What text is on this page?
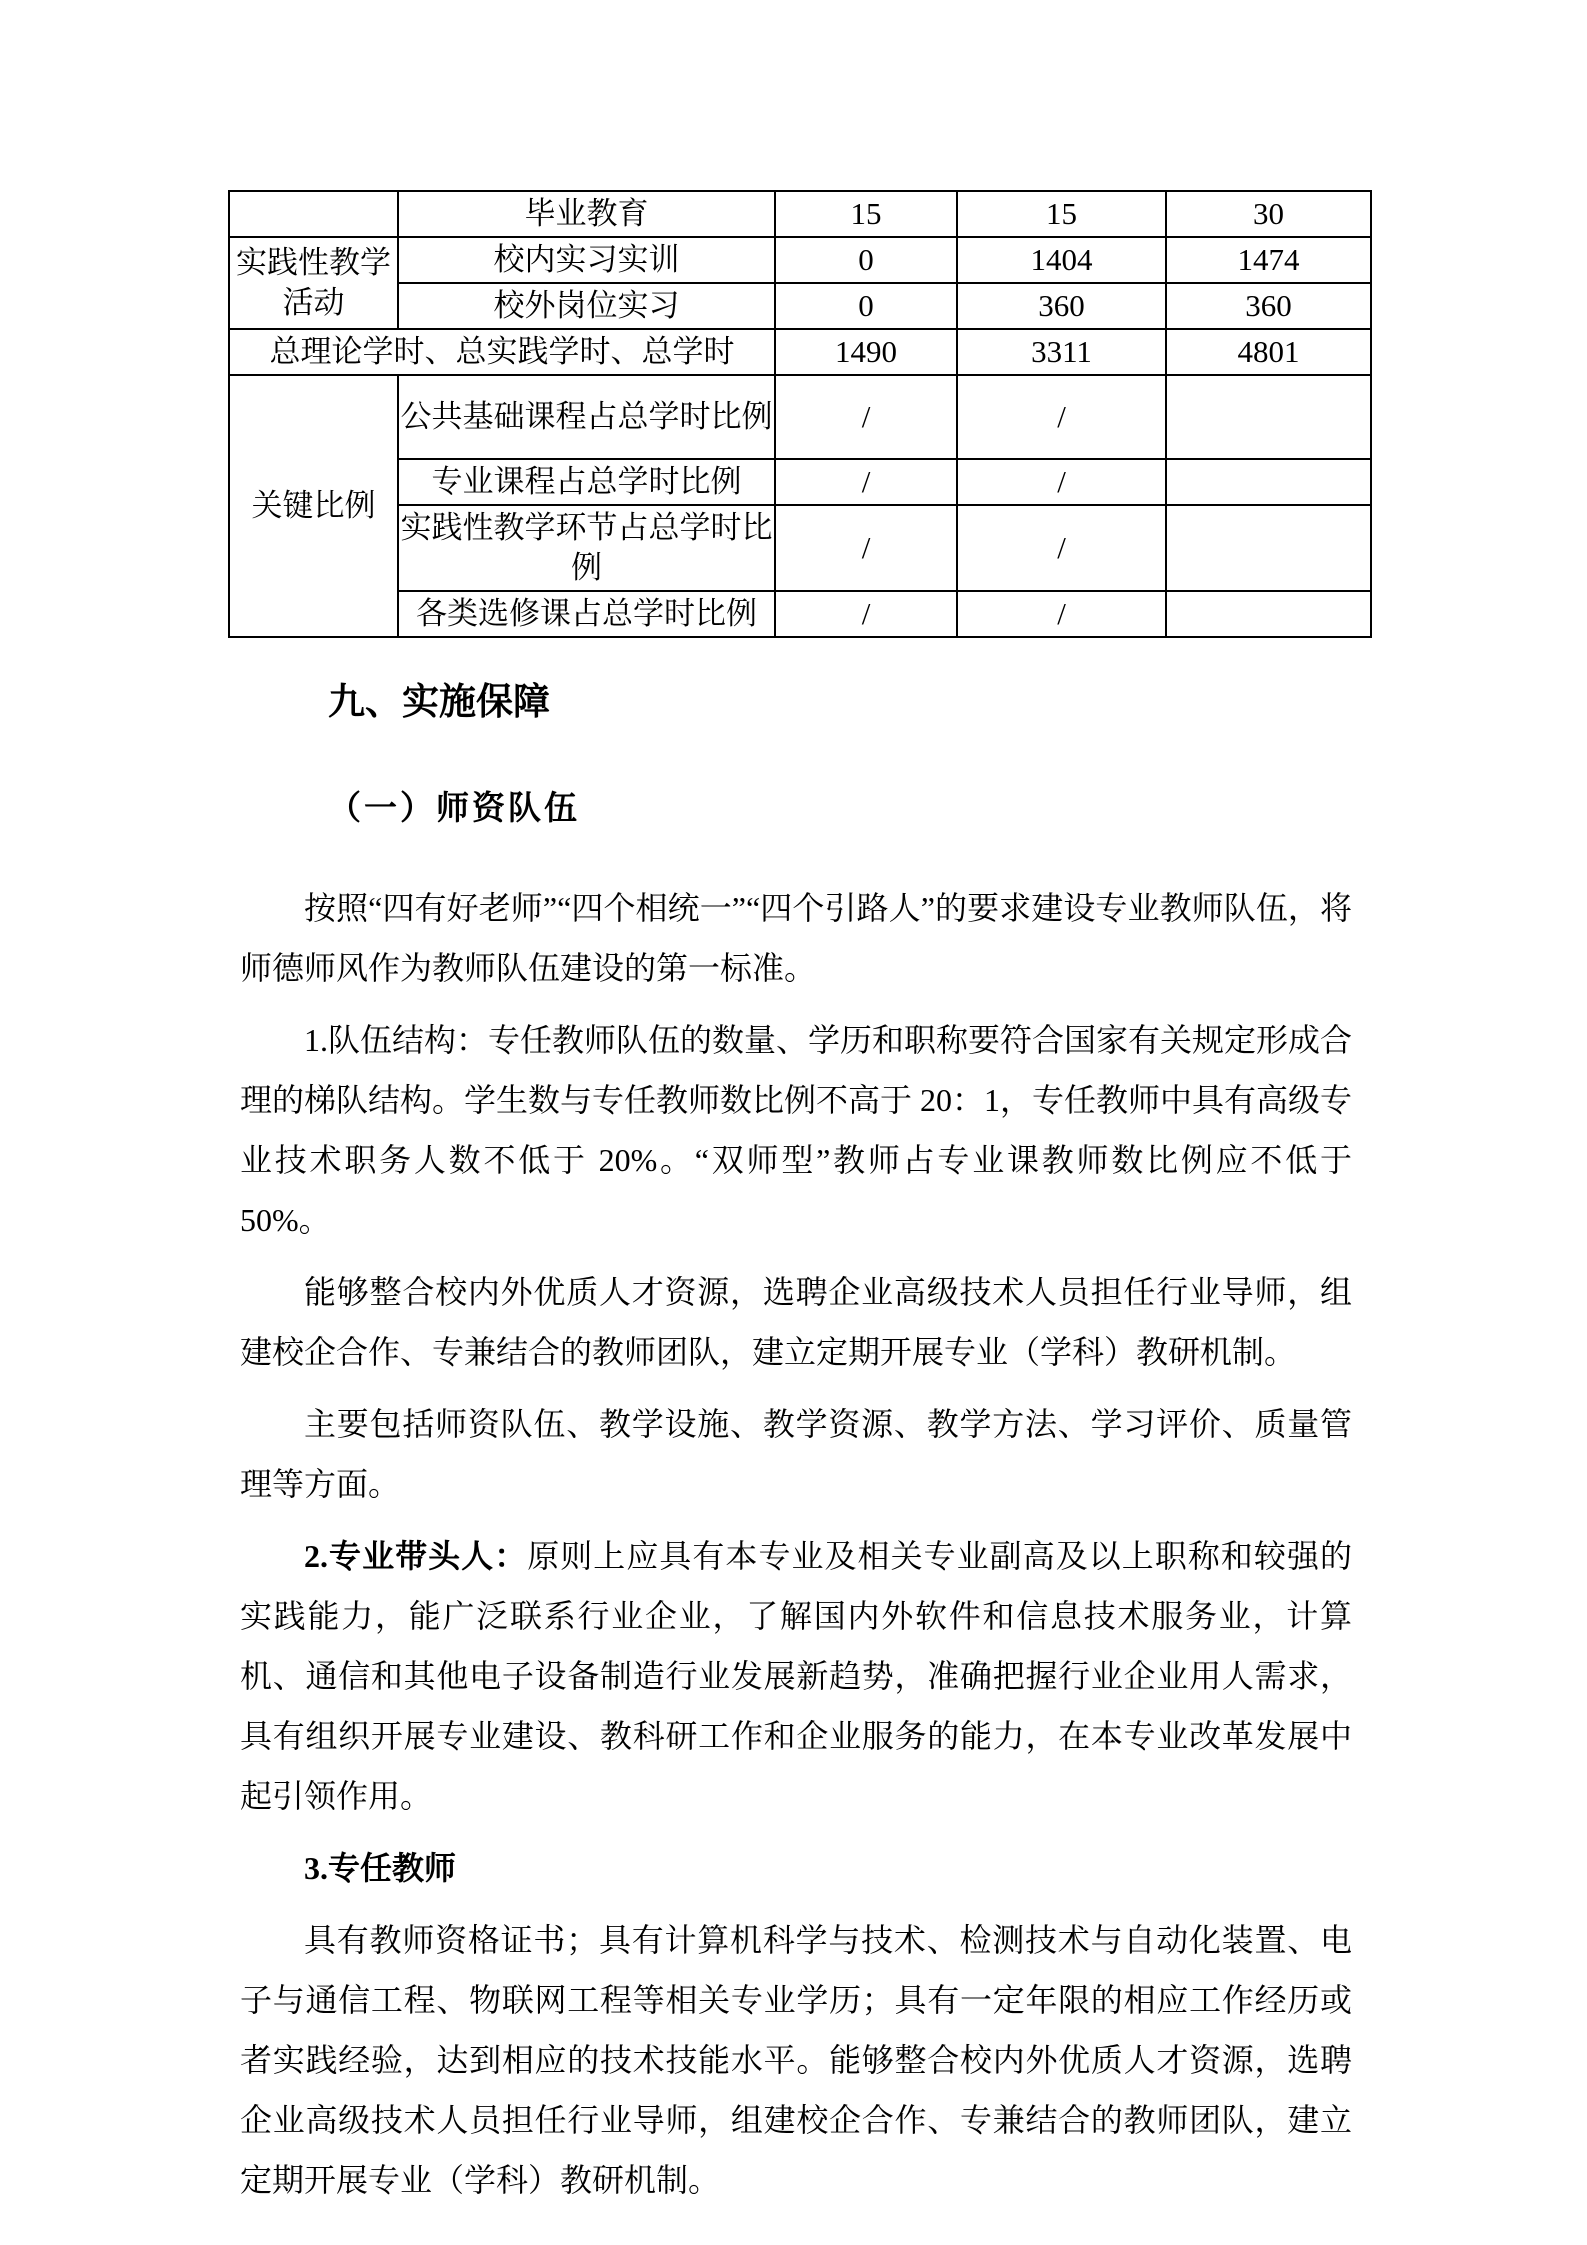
	毕业教育	15	15	30
实践性教学活动	校内实习实训	0	1404	1474
	校外岗位实习	0	360	360
总理论学时、总实践学时、总学时		1490	3311	4801
关键比例	公共基础课程占总学时比例	/	/	
	专业课程占总学时比例	/	/	
	实践性教学环节占总学时比例	/	/	
	各类选修课占总学时比例	/	/	
九、实施保障
（一）师资队伍

按照“四有好老师”“四个相统一”“四个引路人”的要求建设专业教师队伍，将师德师风作为教师队伍建设的第一标准。

1.队伍结构：专任教师队伍的数量、学历和职称要符合国家有关规定形成合理的梯队结构。学生数与专任教师数比例不高于 20：1，专任教师中具有高级专业技术职务人数不低于 20%。“双师型”教师占专业课教师数比例应不低于 50%。

能够整合校内外优质人才资源，选聘企业高级技术人员担任行业导师，组建校企合作、专兼结合的教师团队，建立定期开展专业（学科）教研机制。

主要包括师资队伍、教学设施、教学资源、教学方法、学习评价、质量管理等方面。

2.专业带头人：原则上应具有本专业及相关专业副高及以上职称和较强的实践能力，能广泛联系行业企业，了解国内外软件和信息技术服务业，计算机、通信和其他电子设备制造行业发展新趋势，准确把握行业企业用人需求，具有组织开展专业建设、教科研工作和企业服务的能力，在本专业改革发展中起引领作用。

3.专任教师

具有教师资格证书；具有计算机科学与技术、检测技术与自动化装置、电子与通信工程、物联网工程等相关专业学历；具有一定年限的相应工作经历或者实践经验，达到相应的技术技能水平。能够整合校内外优质人才资源，选聘企业高级技术人员担任行业导师，组建校企合作、专兼结合的教师团队，建立定期开展专业（学科）教研机制。
